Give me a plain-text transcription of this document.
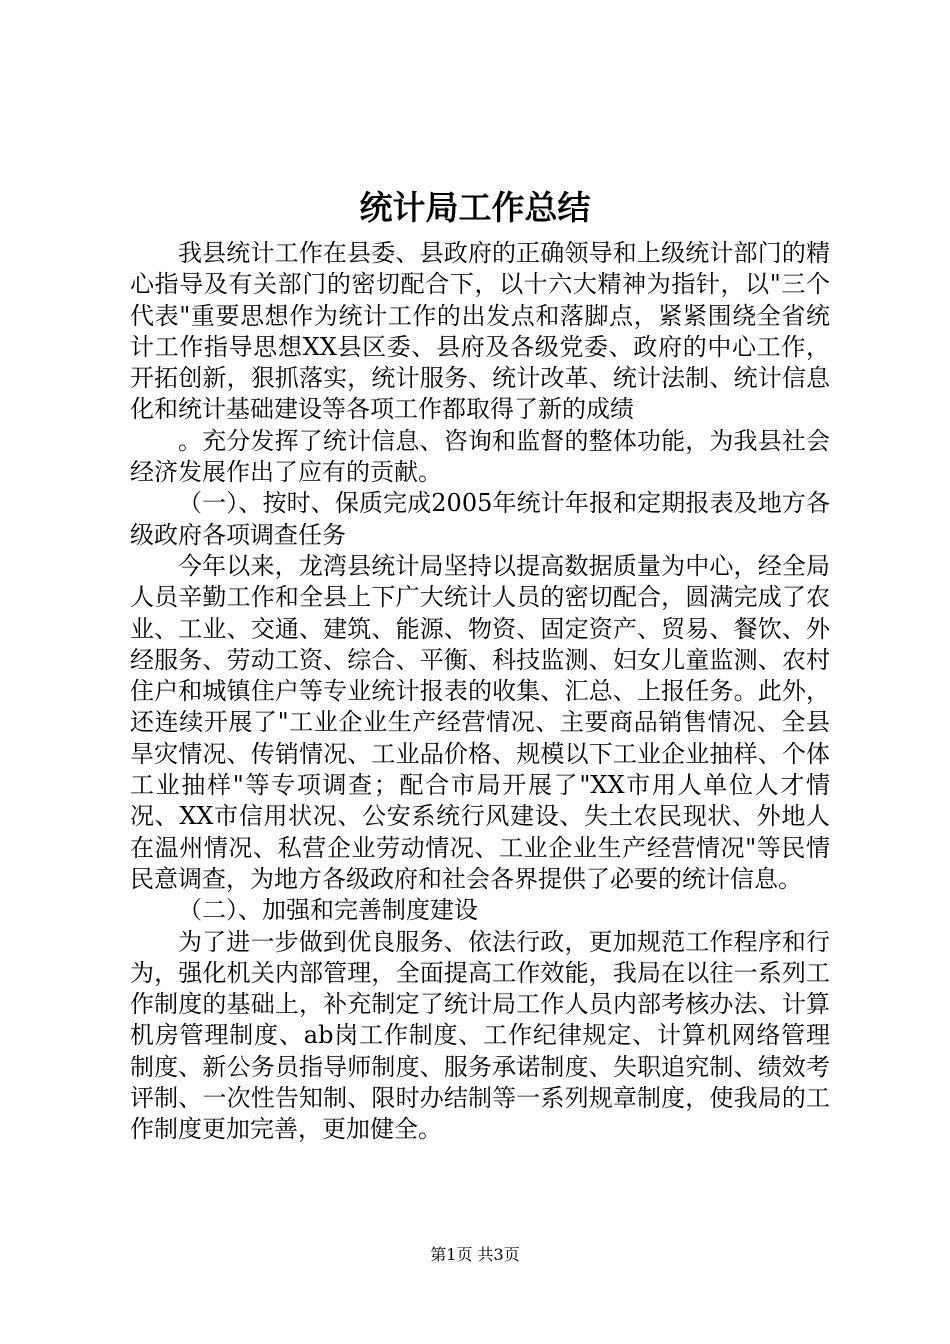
统计局工作总结

我县统计工作在县委、县政府的正确领导和上级统计部门的精心指导及有关部门的密切配合下，以十六大精神为指针，以"三个代表"重要思想作为统计工作的出发点和落脚点，紧紧围绕全省统计工作指导思想XX县区委、县府及各级党委、政府的中心工作，开拓创新，狠抓落实，统计服务、统计改革、统计法制、统计信息化和统计基础建设等各项工作都取得了新的成绩

。充分发挥了统计信息、咨询和监督的整体功能，为我县社会经济发展作出了应有的贡献。

（一）、按时、保质完成2005年统计年报和定期报表及地方各级政府各项调查任务

今年以来，龙湾县统计局坚持以提高数据质量为中心，经全局人员辛勤工作和全县上下广大统计人员的密切配合，圆满完成了农业、工业、交通、建筑、能源、物资、固定资产、贸易、餐饮、外经服务、劳动工资、综合、平衡、科技监测、妇女儿童监测、农村住户和城镇住户等专业统计报表的收集、汇总、上报任务。此外，还连续开展了"工业企业生产经营情况、主要商品销售情况、全县旱灾情况、传销情况、工业品价格、规模以下工业企业抽样、个体工业抽样"等专项调查；配合市局开展了"XX市用人单位人才情况、XX市信用状况、公安系统行风建设、失土农民现状、外地人在温州情况、私营企业劳动情况、工业企业生产经营情况"等民情民意调查，为地方各级政府和社会各界提供了必要的统计信息。

（二）、加强和完善制度建设

为了进一步做到优良服务、依法行政，更加规范工作程序和行为，强化机关内部管理，全面提高工作效能，我局在以往一系列工作制度的基础上，补充制定了统计局工作人员内部考核办法、计算机房管理制度、ab岗工作制度、工作纪律规定、计算机网络管理制度、新公务员指导师制度、服务承诺制度、失职追究制、绩效考评制、一次性告知制、限时办结制等一系列规章制度，使我局的工作制度更加完善，更加健全。

第1页 共3页
